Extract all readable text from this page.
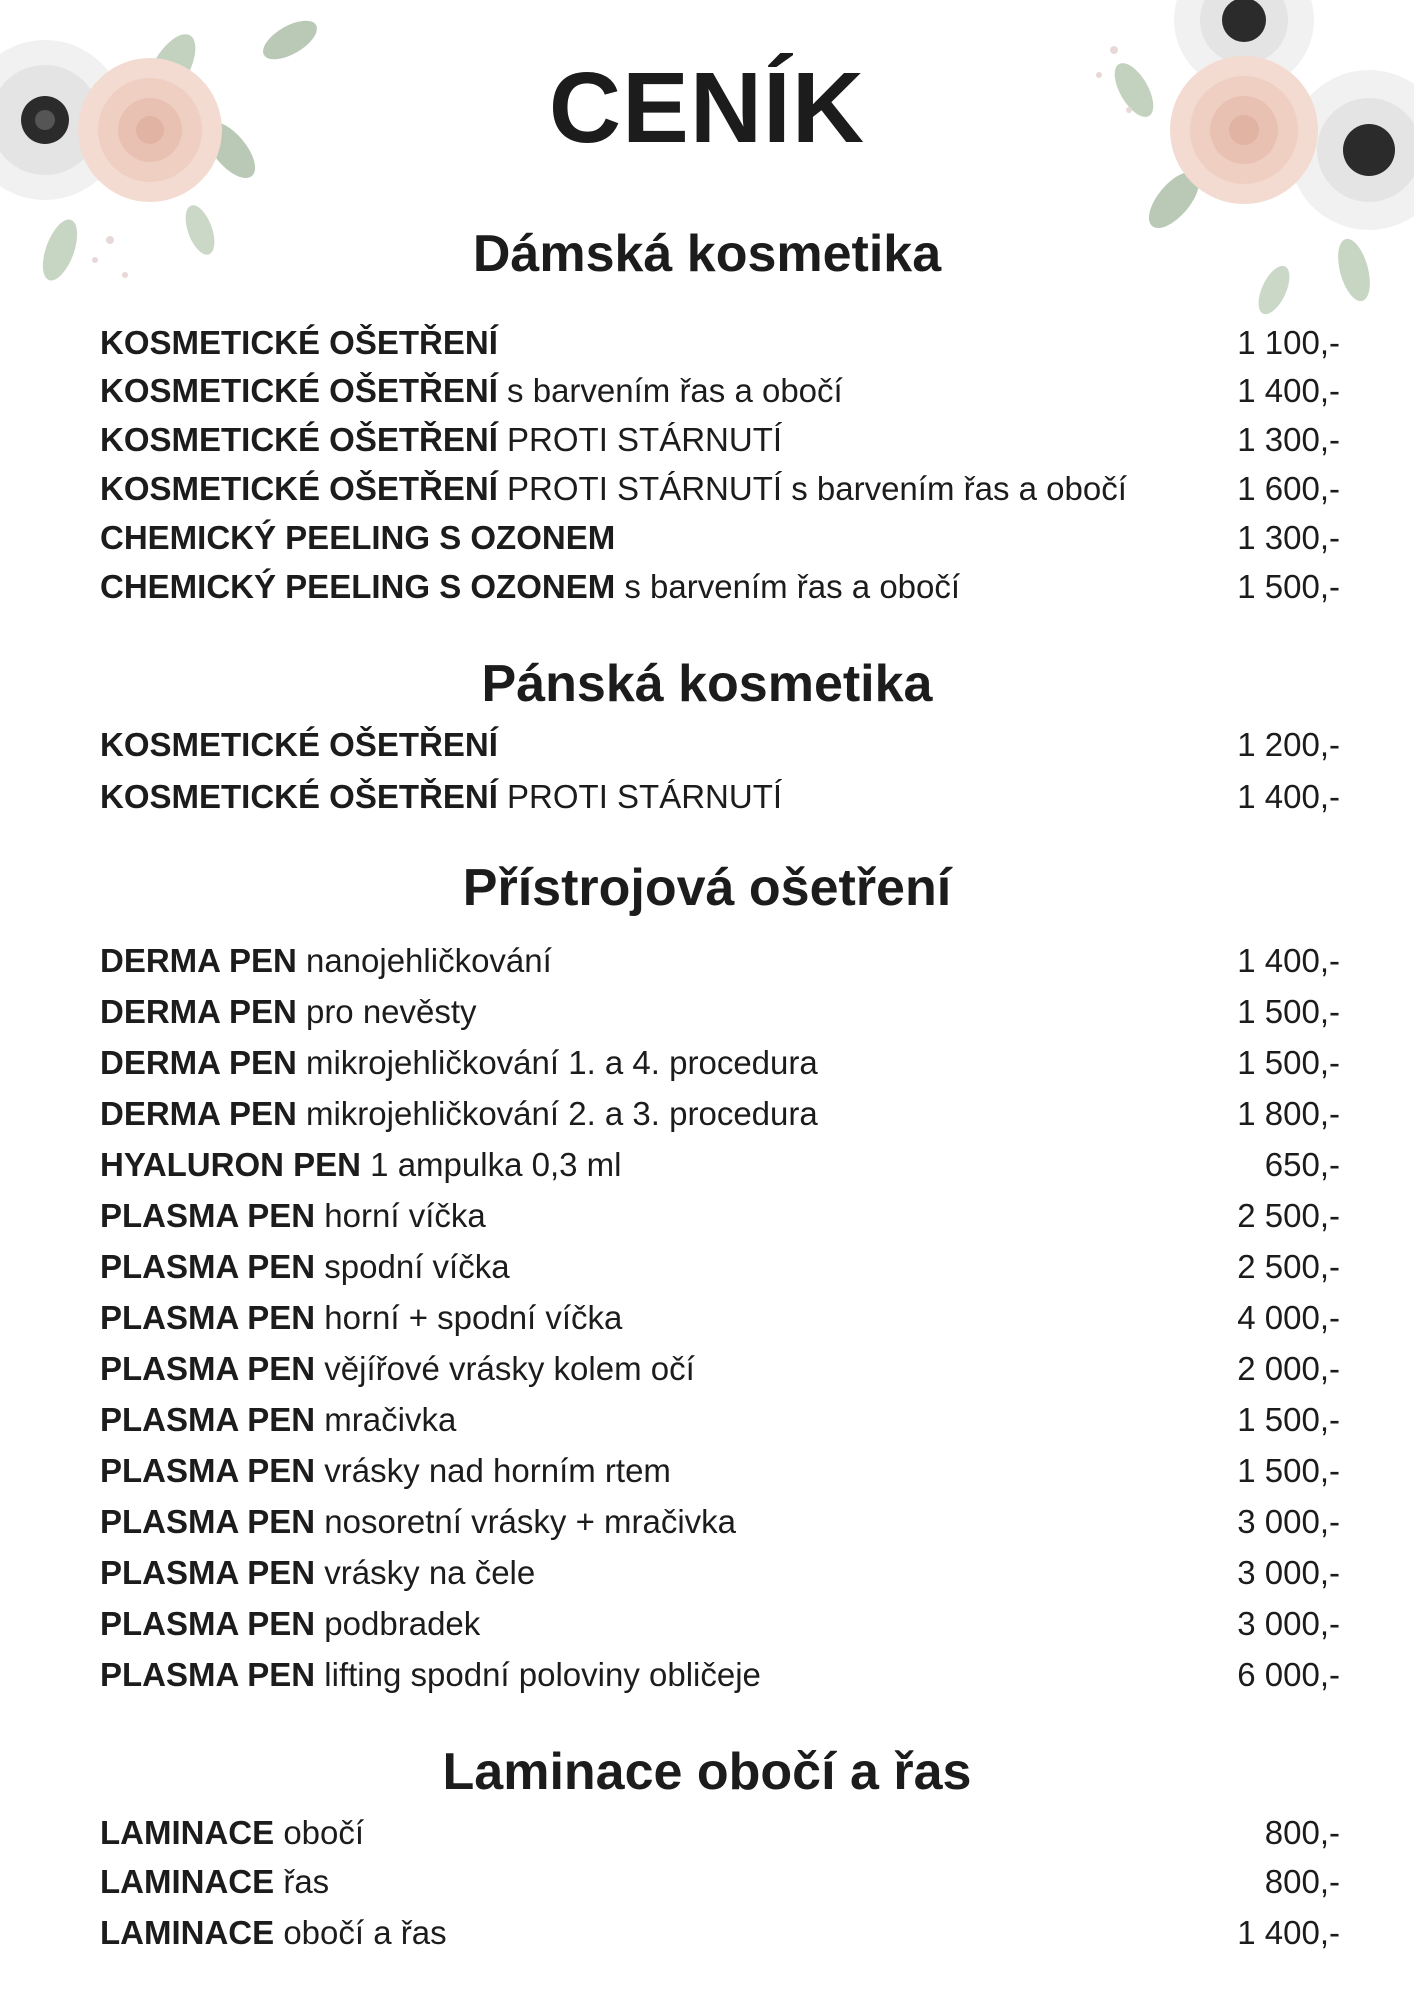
CENÍK
Dámská kosmetika
KOSMETICKÉ OŠETŘENÍ	1 100,-
KOSMETICKÉ OŠETŘENÍ s barvením řas a obočí	1 400,-
KOSMETICKÉ OŠETŘENÍ PROTI STÁRNUTÍ	1 300,-
KOSMETICKÉ OŠETŘENÍ PROTI STÁRNUTÍ s barvením řas a obočí	1 600,-
CHEMICKÝ PEELING S OZONEM	1 300,-
CHEMICKÝ PEELING S OZONEM s barvením řas a obočí	1 500,-
Pánská kosmetika
KOSMETICKÉ OŠETŘENÍ	1 200,-
KOSMETICKÉ OŠETŘENÍ PROTI STÁRNUTÍ	1 400,-
Přístrojová ošetření
DERMA PEN nanojehličkování	1 400,-
DERMA PEN pro nevěsty	1 500,-
DERMA PEN mikrojehličkování 1. a 4. procedura	1 500,-
DERMA PEN mikrojehličkování 2. a 3. procedura	1 800,-
HYALURON PEN 1 ampulka 0,3 ml	650,-
PLASMA PEN horní víčka	2 500,-
PLASMA PEN spodní víčka	2 500,-
PLASMA PEN horní + spodní víčka	4 000,-
PLASMA PEN vějířové vrásky kolem očí	2 000,-
PLASMA PEN mračivka	1 500,-
PLASMA PEN vrásky nad horním rtem	1 500,-
PLASMA PEN nosoretní vrásky + mračivka	3 000,-
PLASMA PEN vrásky na čele	3 000,-
PLASMA PEN podbradek	3 000,-
PLASMA PEN lifting spodní poloviny obličeje	6 000,-
Laminace obočí a řas
LAMINACE obočí	800,-
LAMINACE řas	800,-
LAMINACE obočí a řas	1 400,-
